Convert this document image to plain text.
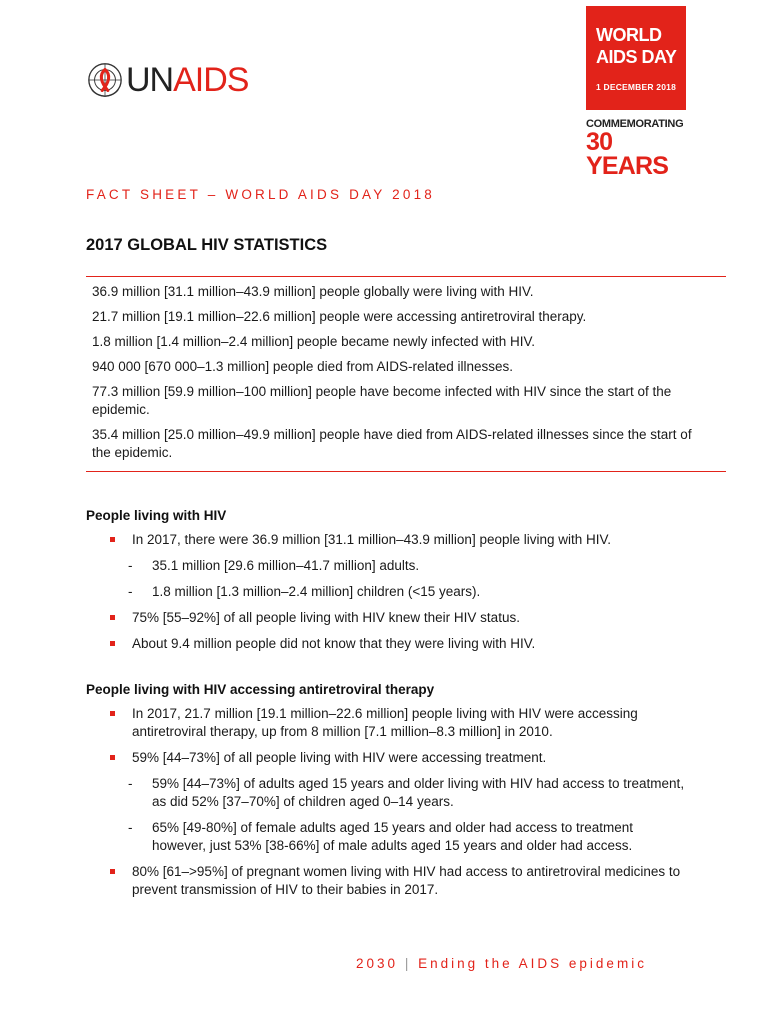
UNAIDS
WORLD
AIDS DAY
1 DECEMBER 2018
COMMEMORATING
30 YEARS
FACT SHEET – WORLD AIDS DAY 2018
2017 GLOBAL HIV STATISTICS

36.9 million [31.1 million–43.9 million] people globally were living with HIV.

21.7 million [19.1 million–22.6 million] people were accessing antiretroviral therapy.

1.8 million [1.4 million–2.4 million] people became newly infected with HIV.

940 000 [670 000–1.3 million] people died from AIDS-related illnesses.

77.3 million [59.9 million–100 million] people have become infected with HIV since the start of the epidemic.

35.4 million [25.0 million–49.9 million] people have died from AIDS-related illnesses since the start of the epidemic.

People living with HIV
In 2017, there were 36.9 million [31.1 million–43.9 million] people living with HIV.
- 35.1 million [29.6 million–41.7 million] adults.
- 1.8 million [1.3 million–2.4 million] children (<15 years).
75% [55–92%] of all people living with HIV knew their HIV status.
About 9.4 million people did not know that they were living with HIV.
People living with HIV accessing antiretroviral therapy
In 2017, 21.7 million [19.1 million–22.6 million] people living with HIV were accessing antiretroviral therapy, up from 8 million [7.1 million–8.3 million] in 2010.
59% [44–73%] of all people living with HIV were accessing treatment.
- 59% [44–73%] of adults aged 15 years and older living with HIV had access to treatment, as did 52% [37–70%] of children aged 0–14 years.
- 65% [49-80%] of female adults aged 15 years and older had access to treatment however, just 53% [38-66%] of male adults aged 15 years and older had access.
80% [61–>95%] of pregnant women living with HIV had access to antiretroviral medicines to prevent transmission of HIV to their babies in 2017.
2030 | Ending the AIDS epidemic
